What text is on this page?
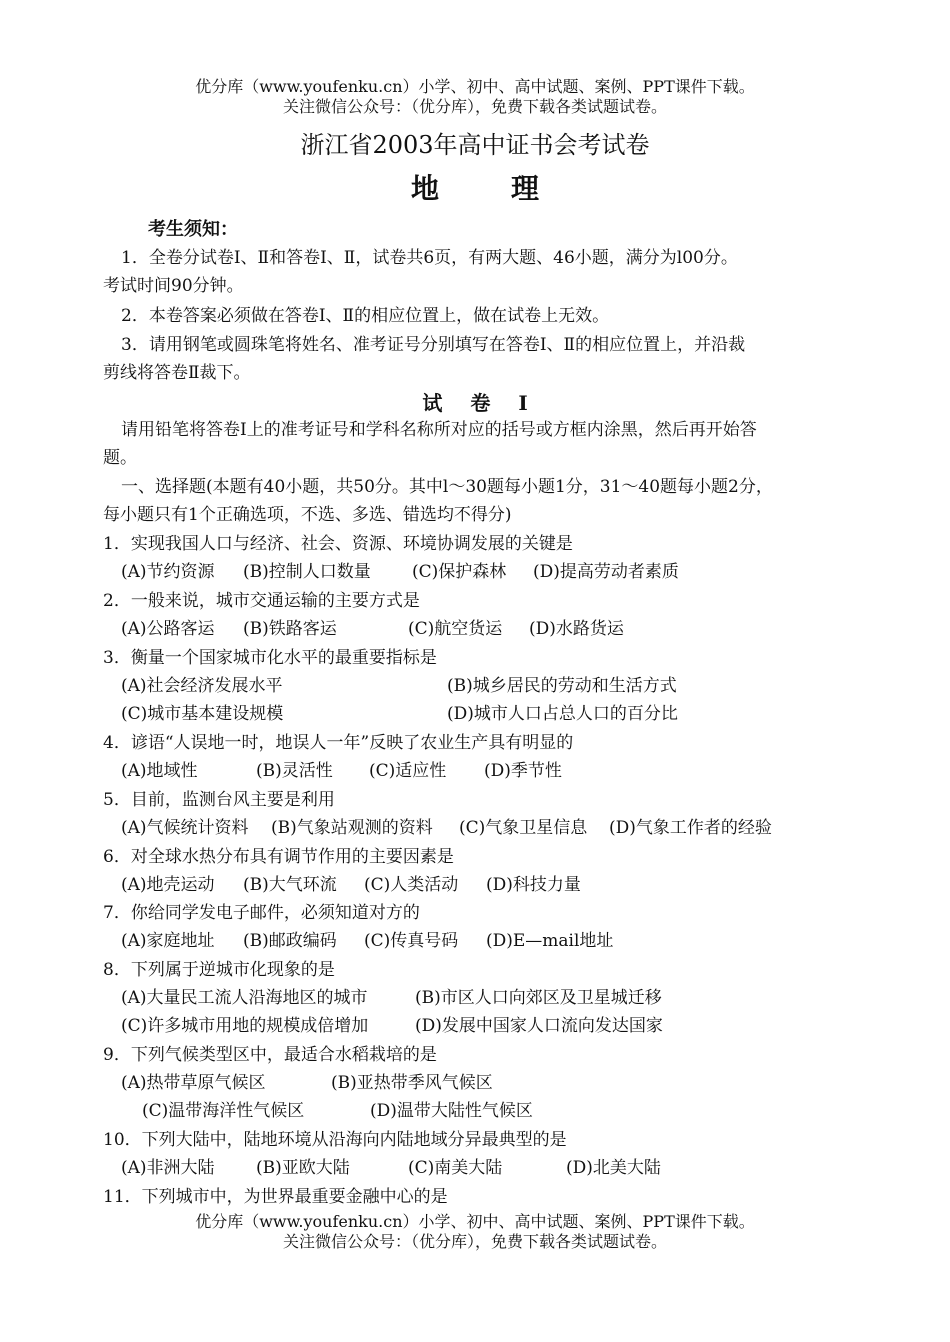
优分库（www.youfenku.cn）小学、初中、高中试题、案例、PPT课件下载。
关注微信公众号：（优分库），免费下载各类试题试卷。
浙江省2003年高中证书会考试卷
地	理
考生须知：
1．全卷分试卷Ⅰ、Ⅱ和答卷Ⅰ、Ⅱ，试卷共6页，有两大题、46小题，满分为l00分。
考试时间90分钟。
2．本卷答案必须做在答卷Ⅰ、Ⅱ的相应位置上，做在试卷上无效。
3．请用钢笔或圆珠笔将姓名、准考证号分别填写在答卷Ⅰ、Ⅱ的相应位置上，并沿裁
剪线将答卷Ⅱ裁下。
试 卷 I
请用铅笔将答卷I上的准考证号和学科名称所对应的括号或方框内涂黑，然后再开始答
题。
一、选择题(本题有40小题，共50分。其中l～30题每小题1分，31～40题每小题2分，
每小题只有1个正确选项，不选、多选、错选均不得分)
1．实现我国人口与经济、社会、资源、环境协调发展的关键是
(A)节约资源 (B)控制人口数量 (C)保护森林 (D)提高劳动者素质
2．一般来说，城市交通运输的主要方式是
(A)公路客运 (B)铁路客运	(C)航空货运 (D)水路货运
3．衡量一个国家城市化水平的最重要指标是
(A)社会经济发展水平	(B)城乡居民的劳动和生活方式
(C)城市基本建设规模	(D)城市人口占总人口的百分比
4．谚语“人误地一时，地误人一年”反映了农业生产具有明显的
(A)地域性	(B)灵活性 (C)适应性 (D)季节性
5．目前，监测台风主要是利用
(A)气候统计资料 (B)气象站观测的资料 (C)气象卫星信息 (D)气象工作者的经验
6．对全球水热分布具有调节作用的主要因素是
(A)地壳运动 (B)大气环流 (C)人类活动 (D)科技力量
7．你给同学发电子邮件，必须知道对方的
(A)家庭地址 (B)邮政编码 (C)传真号码 (D)E—mail地址
8．下列属于逆城市化现象的是
(A)大量民工流人沿海地区的城市	(B)市区人口向郊区及卫星城迁移
(C)许多城市用地的规模成倍增加	(D)发展中国家人口流向发达国家
9．下列气候类型区中，最适合水稻栽培的是
(A)热带草原气候区	(B)亚热带季风气候区
(C)温带海洋性气候区	(D)温带大陆性气候区
10．下列大陆中，陆地环境从沿海向内陆地域分异最典型的是
(A)非洲大陆 (B)亚欧大陆	(C)南美大陆	(D)北美大陆
11．下列城市中，为世界最重要金融中心的是
优分库（www.youfenku.cn）小学、初中、高中试题、案例、PPT课件下载。
关注微信公众号：（优分库），免费下载各类试题试卷。
